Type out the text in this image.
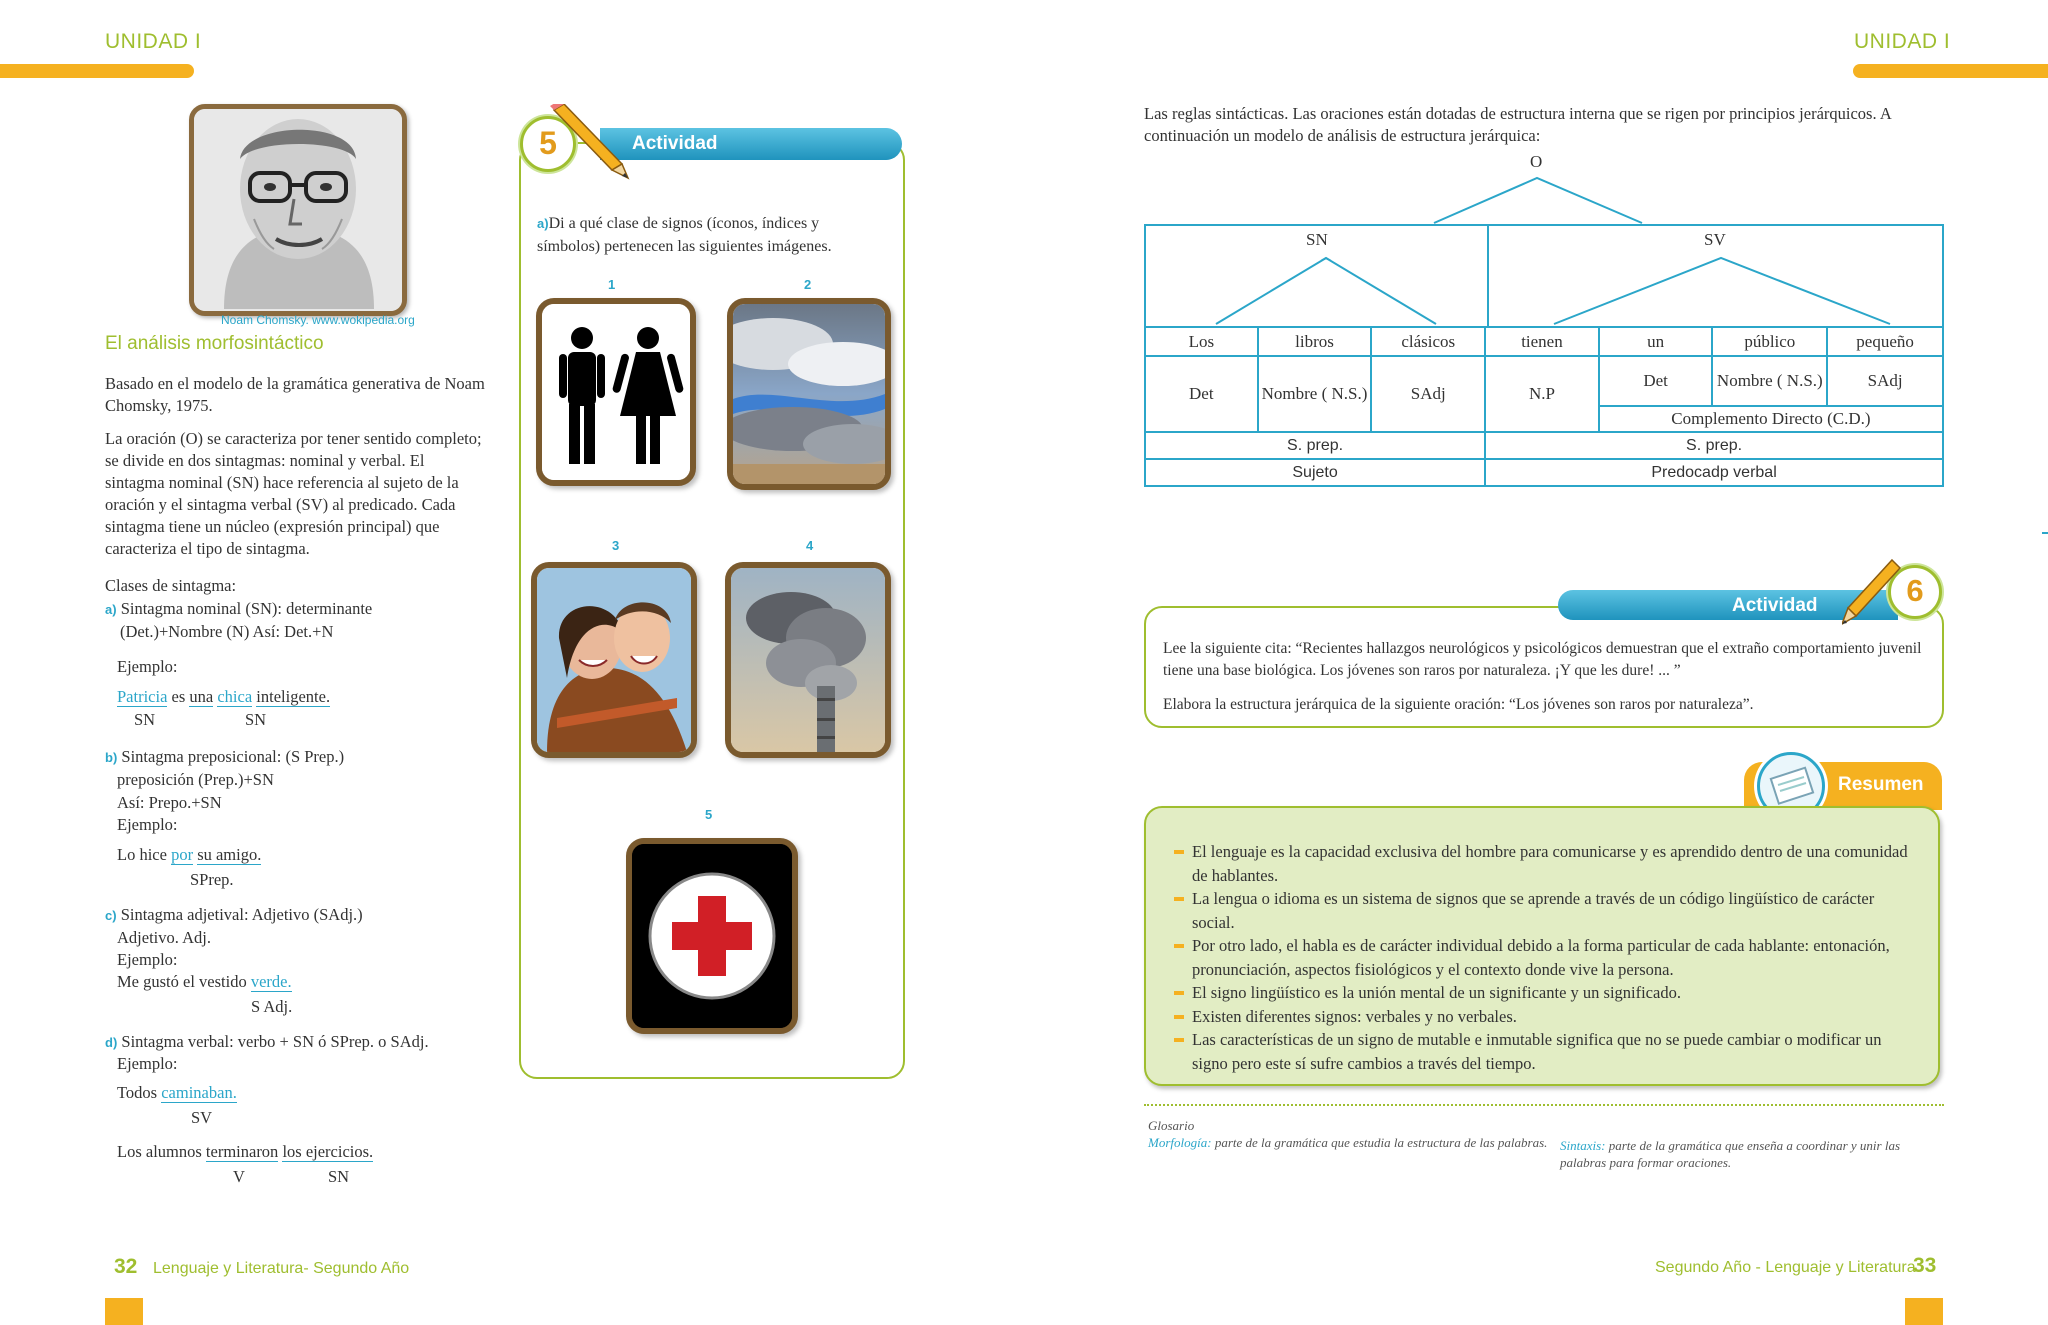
UNIDAD I
Noam Chomsky. www.wokipedia.org
El análisis morfosintáctico
Basado en el modelo de la gramática generativa de Noam Chomsky, 1975.
La oración (O) se caracteriza por tener sentido completo; se divide en dos sintagmas: nominal y verbal. El sintagma nominal (SN) hace referencia al sujeto de la oración y el sintagma verbal (SV) al predicado. Cada sintagma tiene un núcleo (expresión principal) que caracteriza el tipo de sintagma.
Clases de sintagma:
a) Sintagma nominal (SN): determinante
(Det.)+Nombre (N) Así: Det.+N
Ejemplo:
Patricia es una chica inteligente.
SN	SN
b) Sintagma preposicional: (S Prep.)
preposición (Prep.)+SN
Así: Prepo.+SN
Ejemplo:
Lo hice por su amigo.
SPrep.
c) Sintagma adjetival: Adjetivo (SAdj.)
Adjetivo. Adj.
Ejemplo:
Me gustó el vestido verde.
S Adj.
d) Sintagma verbal: verbo + SN ó SPrep. o SAdj.
Ejemplo:
Todos caminaban.
SV
Los alumnos terminaron los ejercicios.
V	SN
32 Lenguaje y Literatura- Segundo Año
Actividad
5
a)Di a qué clase de signos (íconos, índices y símbolos) pertenecen las siguientes imágenes.
1	2
3	4
5
UNIDAD I
Las reglas sintácticas. Las oraciones están dotadas de estructura interna que se rigen por principios jerárquicos. A continuación un modelo de análisis de estructura jerárquica:
O
SN	SV
Los	libros	clásicos	tienen	un	público	pequeño
Det	Nombre ( N.S.)	SAdj	N.P	Det	Nombre ( N.S.)	SAdj
				Complemento Directo (C.D.)		
S. prep.			S. prep.			
Sujeto			Predocadp verbal			
Actividad	6
Lee la siguiente cita: “Recientes hallazgos neurológicos y psicológicos demuestran que el extraño comportamiento juvenil tiene una base biológica. Los jóvenes son raros por naturaleza. ¡Y que les dure! ... ”
Elabora la estructura jerárquica de la siguiente oración: “Los jóvenes son raros por naturaleza”.
Resumen
El lenguaje es la capacidad exclusiva del hombre para comunicarse y es aprendido dentro de una comunidad de hablantes.
La lengua o idioma es un sistema de signos que se aprende a través de un código lingüístico de carácter social.
Por otro lado, el habla es de carácter individual debido a la forma particular de cada hablante: entonación, pronunciación, aspectos fisiológicos y el contexto donde vive la persona.
El signo lingüístico es la unión mental de un significante y un significado.
Existen diferentes signos: verbales y no verbales.
Las características de un signo de mutable e inmutable significa que no se puede cambiar o modificar un signo pero este sí sufre cambios a través del tiempo.
Glosario
Morfología: parte de la gramática que estudia la estructura de las palabras. Sintaxis: parte de la gramática que enseña a coordinar y unir las palabras para formar oraciones.
Segundo Año - Lenguaje y Literatura
33
